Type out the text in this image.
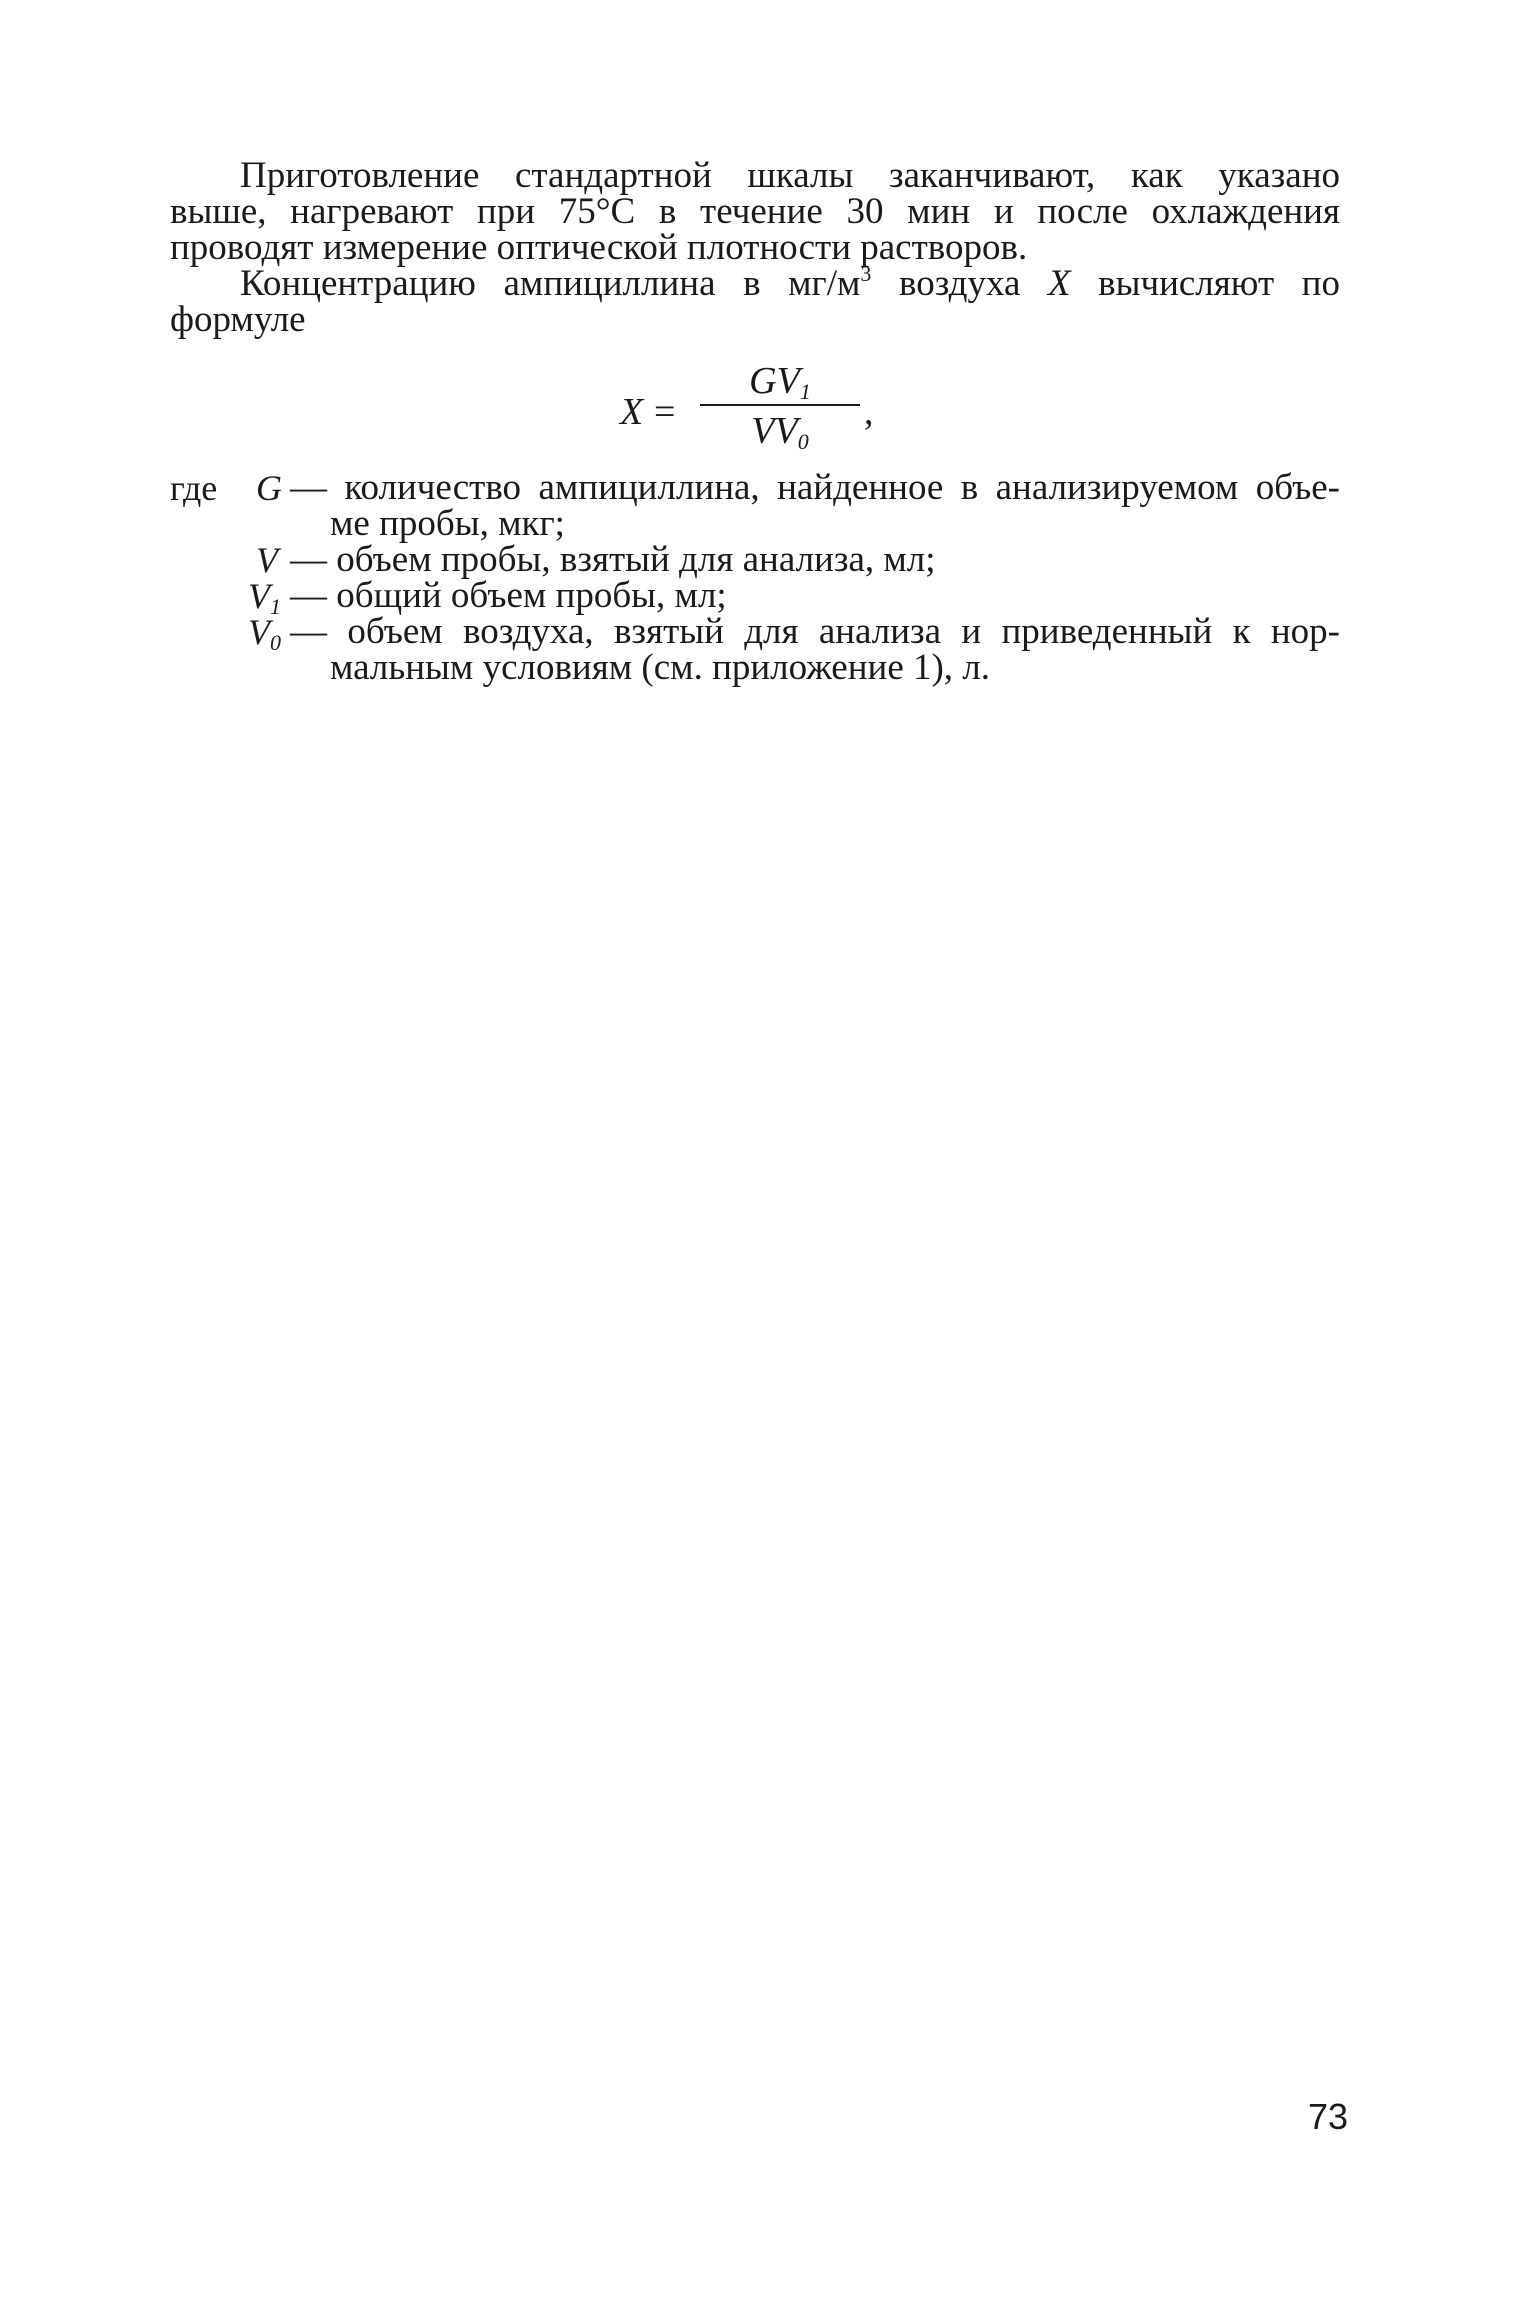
Приготовление стандартной шкалы заканчивают, как указано
выше, нагревают при 75°С в течение 30 мин и после охлаждения
проводят измерение оптической плотности растворов.
Концентрацию ампициллина в $мг/м^3$ воздуха X вычисляют по
формуле
X =
$GV_1$
$VV_0$
,
где G — количество ампициллина, найденное в анализируемом объе-
ме пробы, мкг;
V — объем пробы, взятый для анализа, мл;
$V_1$ — общий объем пробы, мл;
$V_0$ — объем воздуха, взятый для анализа и приведенный к нор-
мальным условиям (см. приложение 1), л.
73
